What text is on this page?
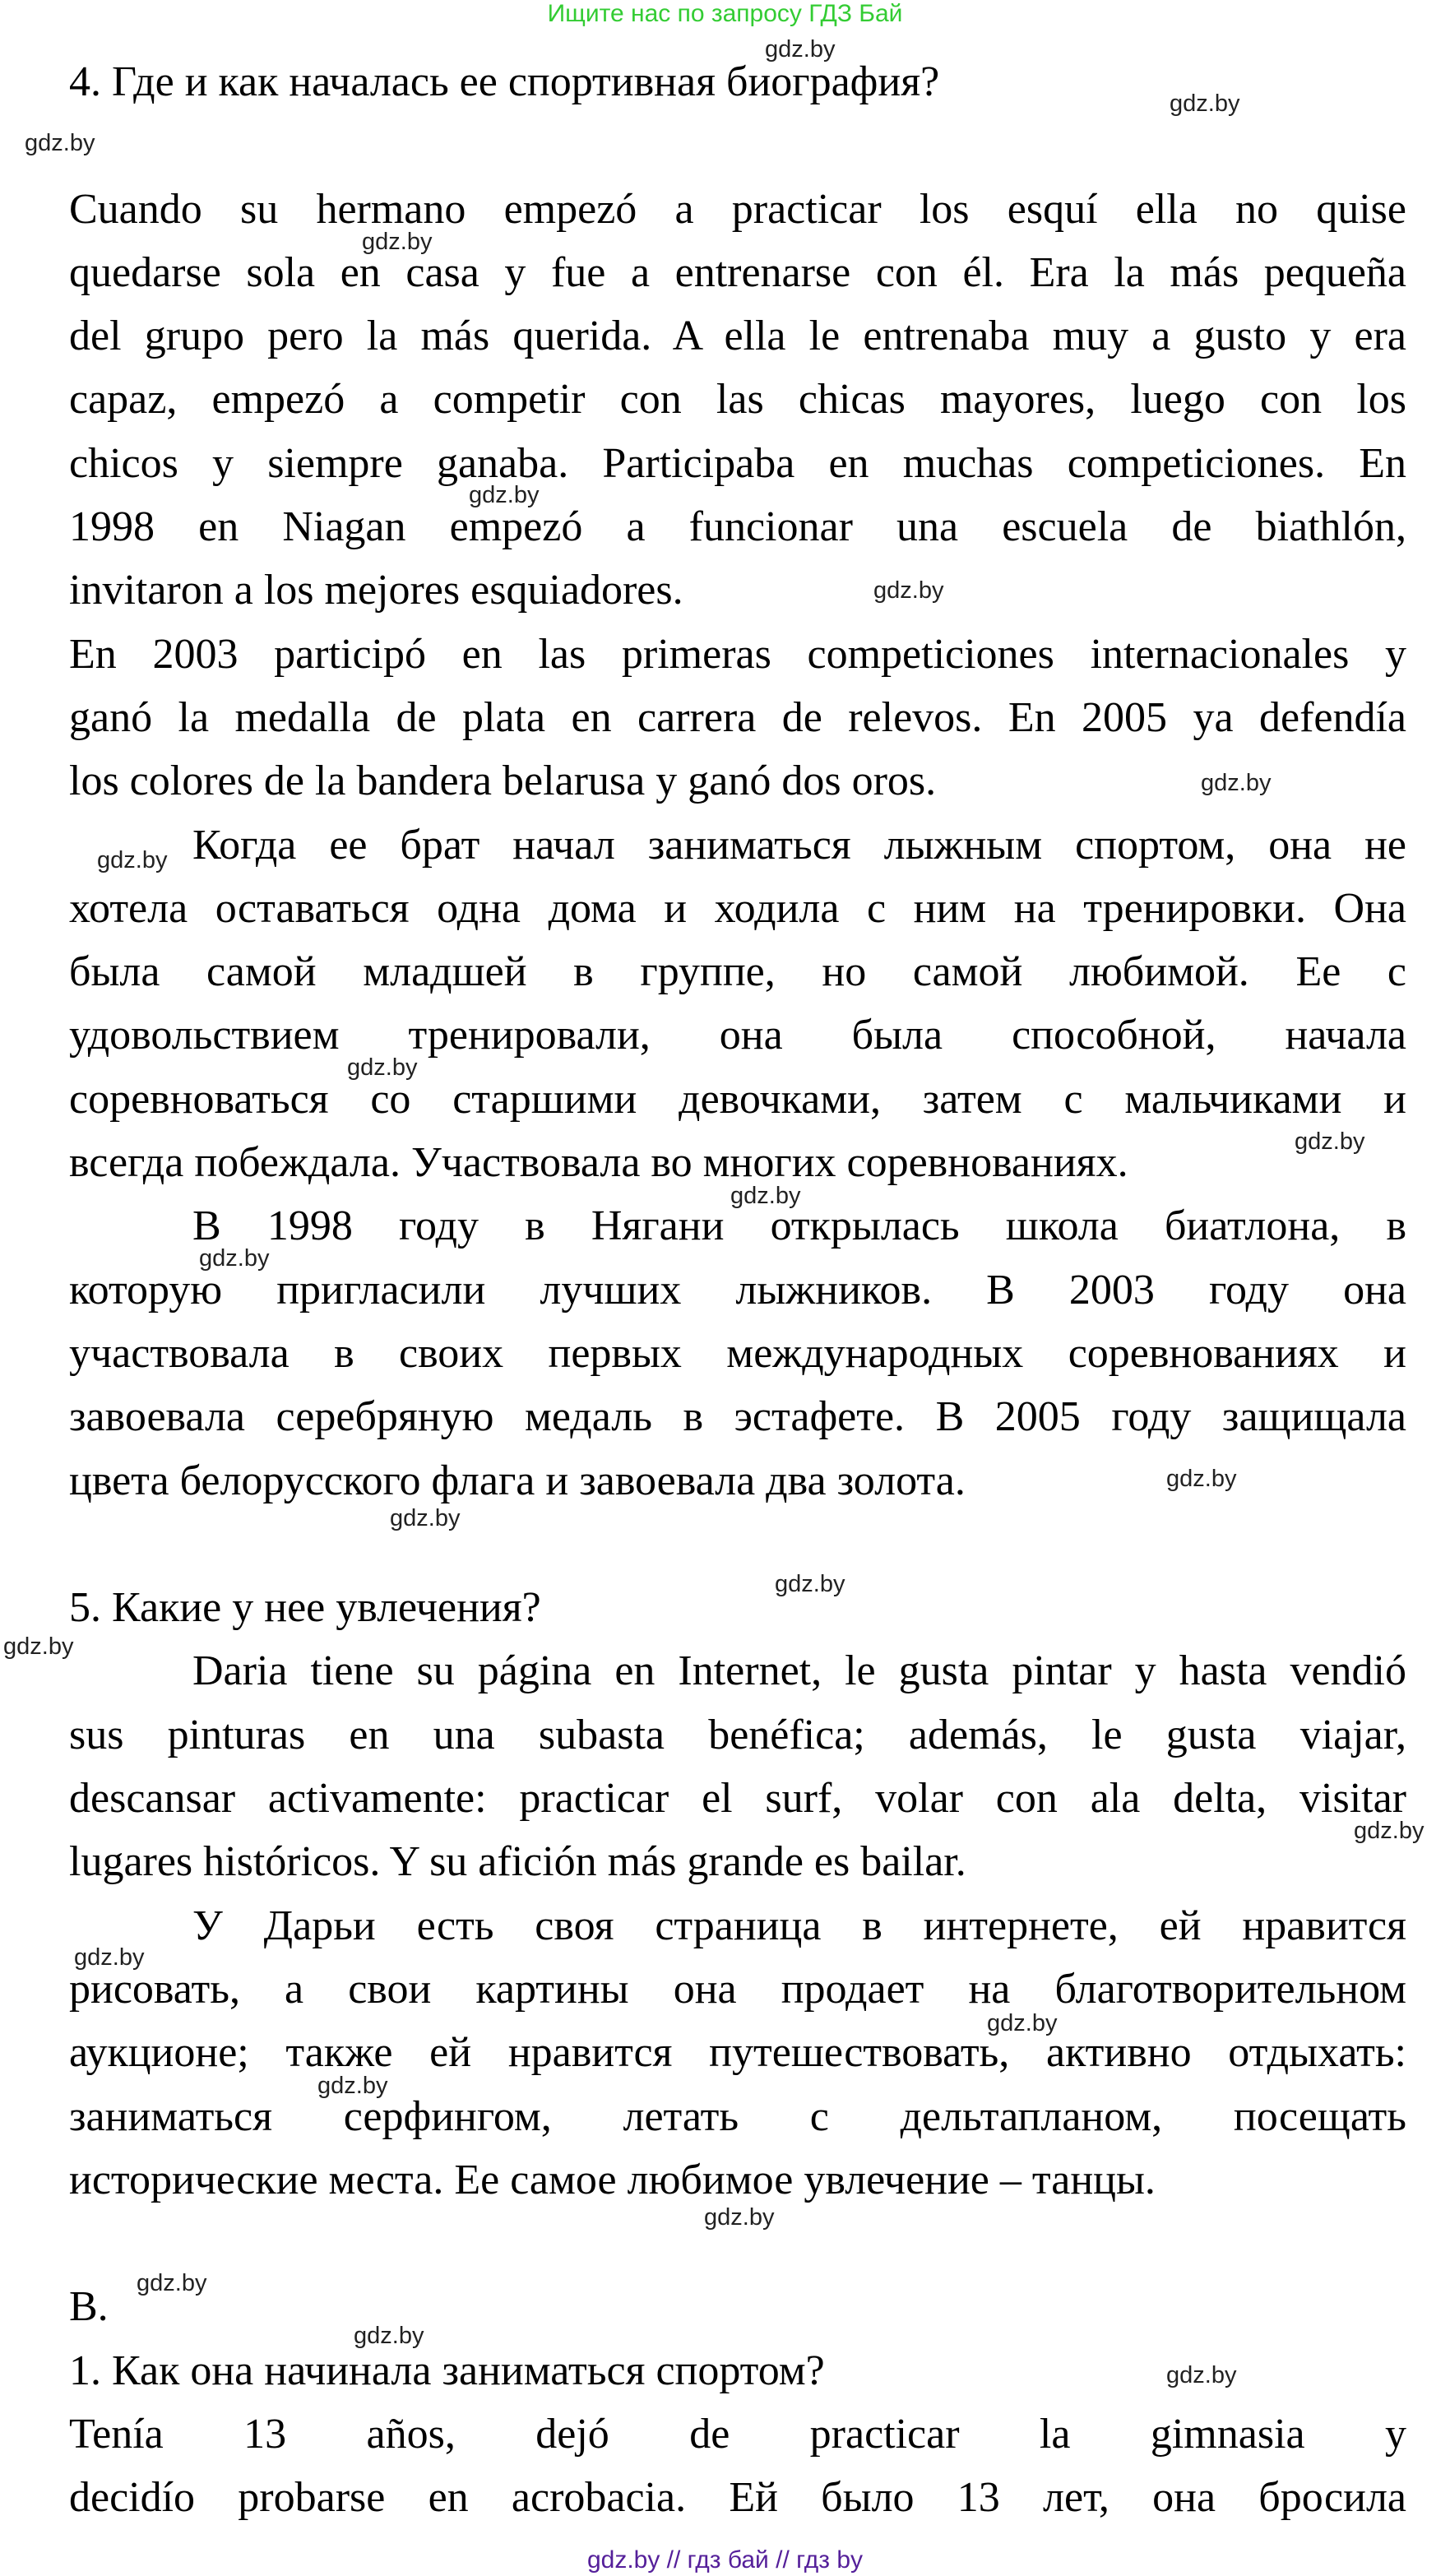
Ищите нас по запросу ГДЗ Бай
4. Где и как началась ее спортивная биография?
Cuando su hermano empezó a practicar los esquí ella no quise
quedarse sola en casa y fue a entrenarse con él. Era la más pequeña
del grupo pero la más querida. A ella le entrenaba muy a gusto y era
capaz, empezó a competir con las chicas mayores, luego con los
chicos y siempre ganaba. Participaba en muchas competiciones. En
1998 en Niagan empezó a funcionar una escuela de biathlón,
invitaron a los mejores esquiadores.
En 2003 participó en las primeras competiciones internacionales y
ganó la medalla de plata en carrera de relevos. En 2005 ya defendía
los colores de la bandera belarusa y ganó dos oros.
Когда ее брат начал заниматься лыжным спортом, она не
хотела оставаться одна дома и ходила с ним на тренировки. Она
была самой младшей в группе, но самой любимой. Ее с
удовольствием тренировали, она была способной, начала
соревноваться со старшими девочками, затем с мальчиками и
всегда побеждала. Участвовала во многих соревнованиях.
В 1998 году в Нягани открылась школа биатлона, в
которую пригласили лучших лыжников. В 2003 году она
участвовала в своих первых международных соревнованиях и
завоевала серебряную медаль в эстафете. В 2005 году защищала
цвета белорусского флага и завоевала два золота.
5. Какие у нее увлечения?
Daria tiene su página en Internet, le gusta pintar y hasta vendió
sus pinturas en una subasta benéfica; además, le gusta viajar,
descansar activamente: practicar el surf, volar con ala delta, visitar
lugares históricos. Y su afición más grande es bailar.
У Дарьи есть своя страница в интернете, ей нравится
рисовать, а свои картины она продает на благотворительном
аукционе; также ей нравится путешествовать, активно отдыхать:
заниматься серфингом, летать с дельтапланом, посещать
исторические места. Ее самое любимое увлечение – танцы.
B.
1. Как она начинала заниматься спортом?
Tenía 13 años, dejó de practicar la gimnasia y
decidío probarse en acrobacia. Ей было 13 лет, она бросила
gdz.by // гдз бай // гдз by
gdz.by
gdz.by
gdz.by
gdz.by
gdz.by
gdz.by
gdz.by
gdz.by
gdz.by
gdz.by
gdz.by
gdz.by
gdz.by
gdz.by
gdz.by
gdz.by
gdz.by
gdz.by
gdz.by
gdz.by
gdz.by
gdz.by
gdz.by
gdz.by
